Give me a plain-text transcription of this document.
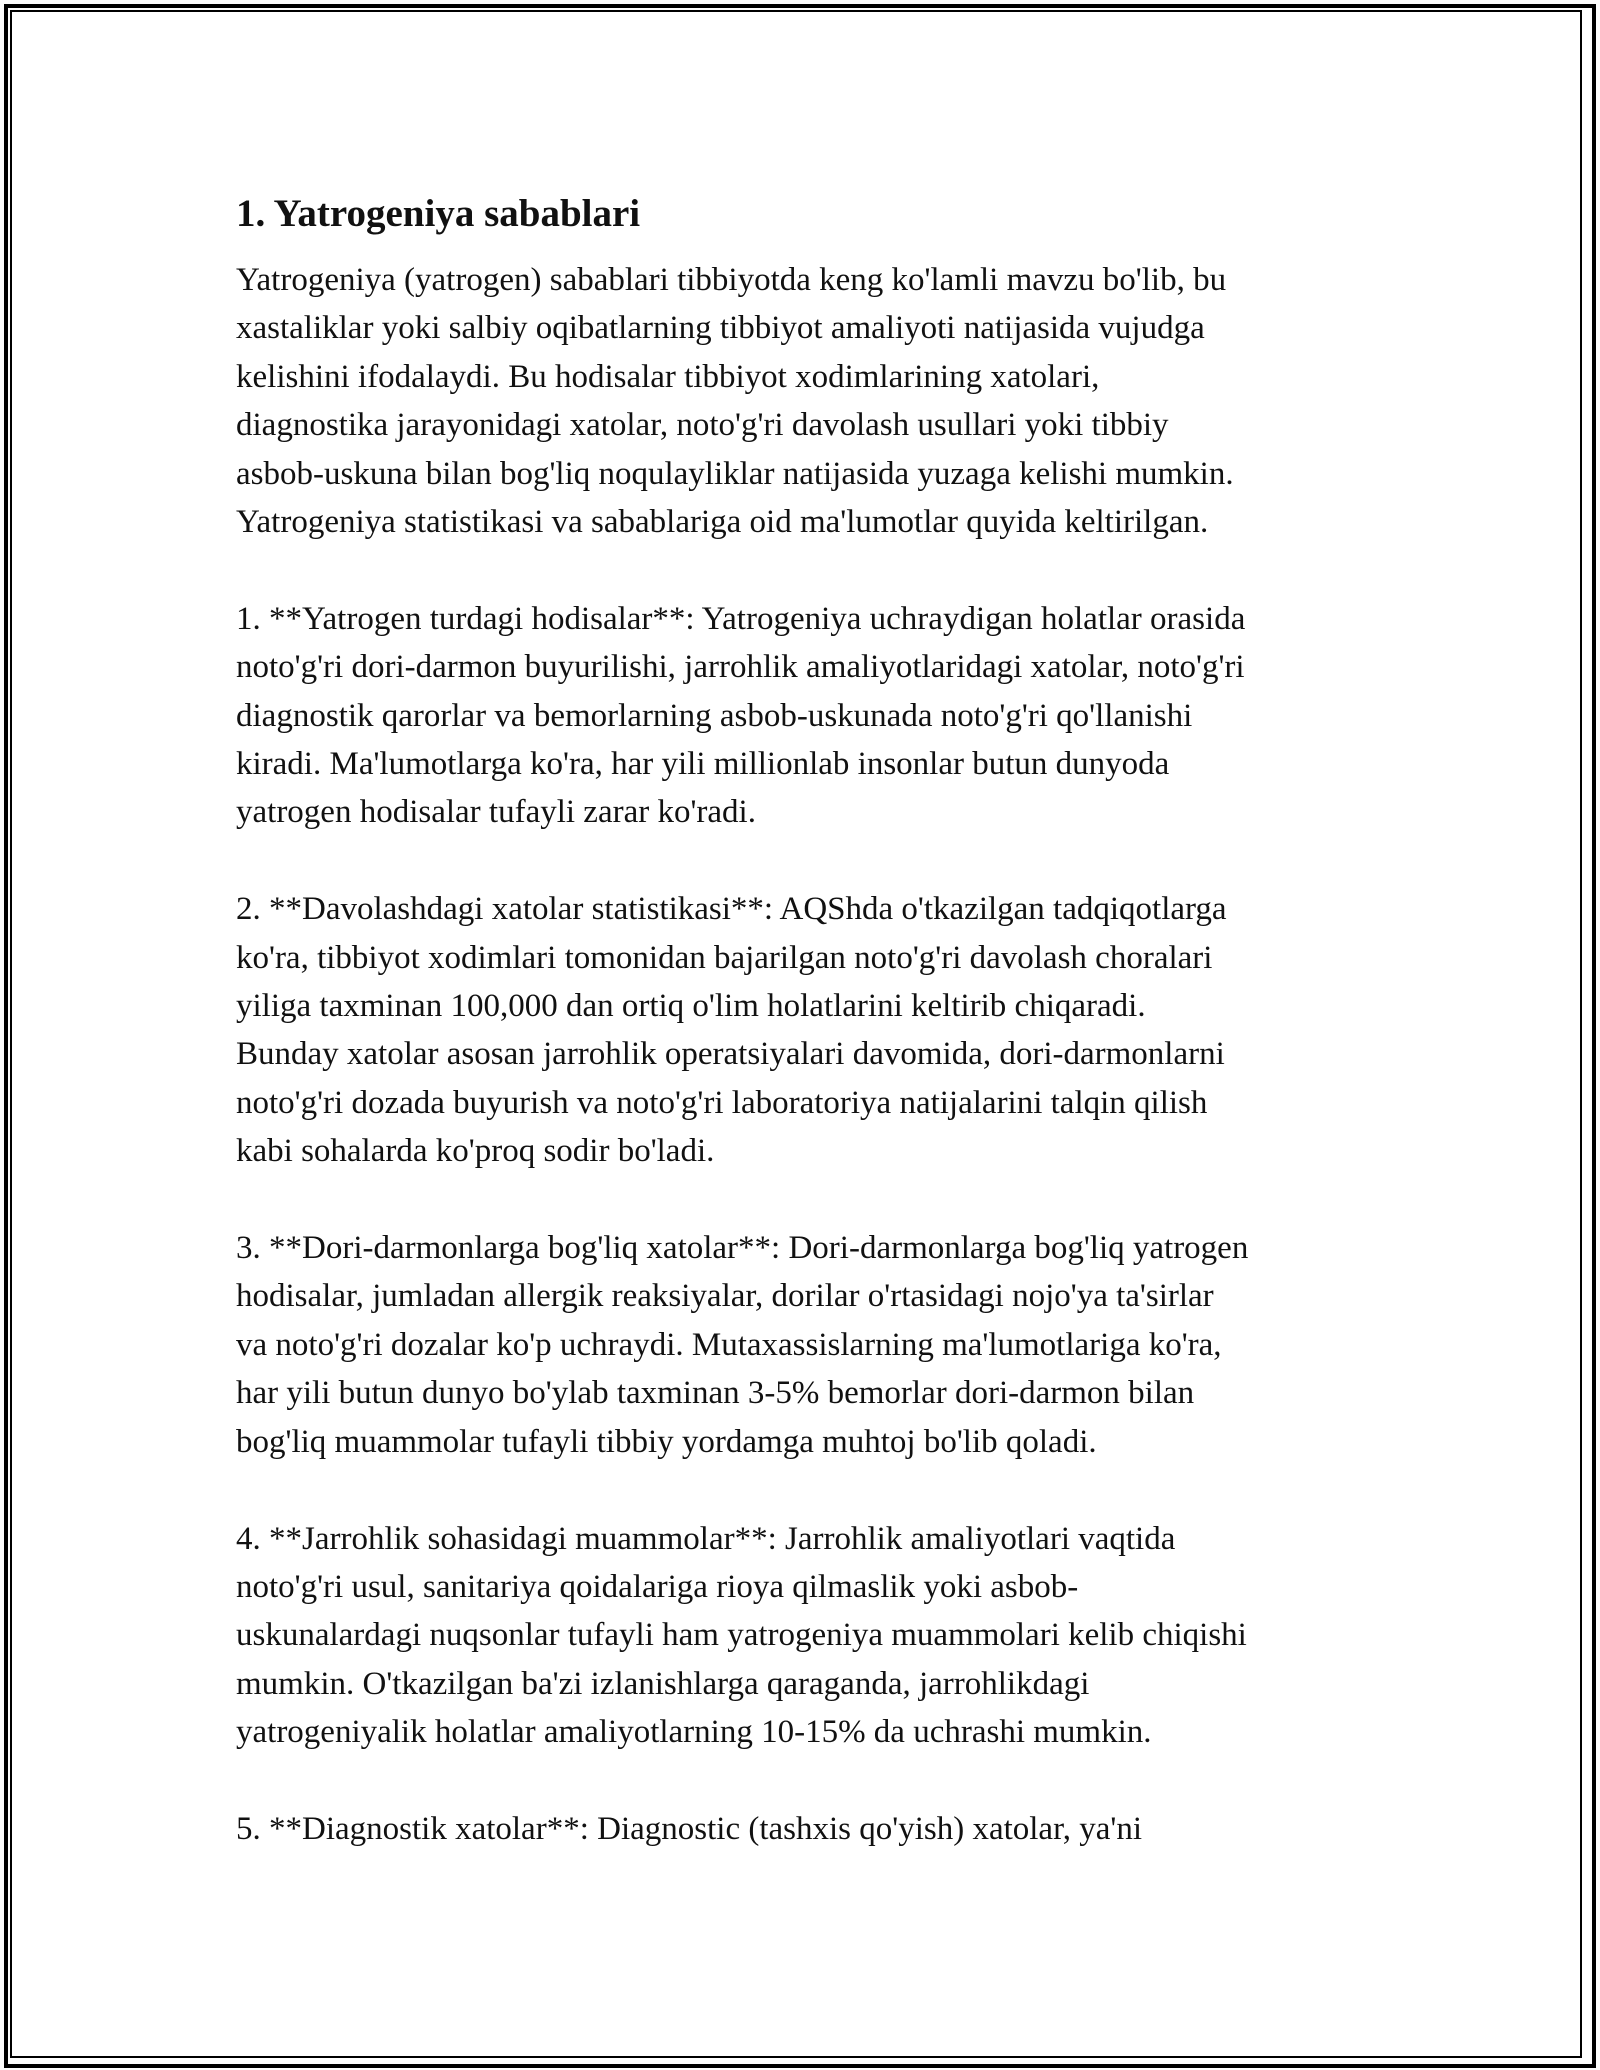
1. Yatrogeniya sabablari

Yatrogeniya (yatrogen) sabablari tibbiyotda keng ko'lamli mavzu bo'lib, bu
xastaliklar yoki salbiy oqibatlarning tibbiyot amaliyoti natijasida vujudga
kelishini ifodalaydi. Bu hodisalar tibbiyot xodimlarining xatolari,
diagnostika jarayonidagi xatolar, noto'g'ri davolash usullari yoki tibbiy
asbob-uskuna bilan bog'liq noqulayliklar natijasida yuzaga kelishi mumkin.
Yatrogeniya statistikasi va sabablariga oid ma'lumotlar quyida keltirilgan.

1. **Yatrogen turdagi hodisalar**: Yatrogeniya uchraydigan holatlar orasida
noto'g'ri dori-darmon buyurilishi, jarrohlik amaliyotlaridagi xatolar, noto'g'ri
diagnostik qarorlar va bemorlarning asbob-uskunada noto'g'ri qo'llanishi
kiradi. Ma'lumotlarga ko'ra, har yili millionlab insonlar butun dunyoda
yatrogen hodisalar tufayli zarar ko'radi.

2. **Davolashdagi xatolar statistikasi**: AQShda o'tkazilgan tadqiqotlarga
ko'ra, tibbiyot xodimlari tomonidan bajarilgan noto'g'ri davolash choralari
yiliga taxminan 100,000 dan ortiq o'lim holatlarini keltirib chiqaradi.
Bunday xatolar asosan jarrohlik operatsiyalari davomida, dori-darmonlarni
noto'g'ri dozada buyurish va noto'g'ri laboratoriya natijalarini talqin qilish
kabi sohalarda ko'proq sodir bo'ladi.

3. **Dori-darmonlarga bog'liq xatolar**: Dori-darmonlarga bog'liq yatrogen
hodisalar, jumladan allergik reaksiyalar, dorilar o'rtasidagi nojo'ya ta'sirlar
va noto'g'ri dozalar ko'p uchraydi. Mutaxassislarning ma'lumotlariga ko'ra,
har yili butun dunyo bo'ylab taxminan 3-5% bemorlar dori-darmon bilan
bog'liq muammolar tufayli tibbiy yordamga muhtoj bo'lib qoladi.

4. **Jarrohlik sohasidagi muammolar**: Jarrohlik amaliyotlari vaqtida
noto'g'ri usul, sanitariya qoidalariga rioya qilmaslik yoki asbob-
uskunalardagi nuqsonlar tufayli ham yatrogeniya muammolari kelib chiqishi
mumkin. O'tkazilgan ba'zi izlanishlarga qaraganda, jarrohlikdagi
yatrogeniyalik holatlar amaliyotlarning 10-15% da uchrashi mumkin.

5. **Diagnostik xatolar**: Diagnostic (tashxis qo'yish) xatolar, ya'ni
